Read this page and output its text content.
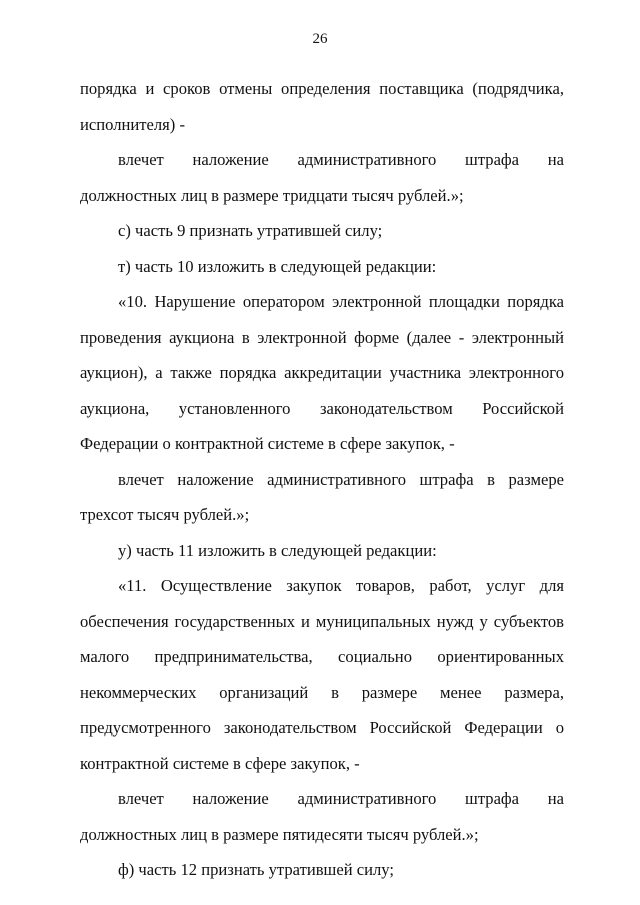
26

порядка и сроков отмены определения поставщика (подрядчика, исполнителя) -

влечет наложение административного штрафа на должностных лиц в размере тридцати тысяч рублей.»;

с) часть 9 признать утратившей силу;

т) часть 10 изложить в следующей редакции:

«10. Нарушение оператором электронной площадки порядка проведения аукциона в электронной форме (далее - электронный аукцион), а также порядка аккредитации участника электронного аукциона, установленного законодательством Российской Федерации о контрактной системе в сфере закупок, -

влечет наложение административного штрафа в размере трехсот тысяч рублей.»;

у) часть 11 изложить в следующей редакции:

«11. Осуществление закупок товаров, работ, услуг для обеспечения государственных и муниципальных нужд у субъектов малого предпринимательства, социально ориентированных некоммерческих организаций в размере менее размера, предусмотренного законодательством Российской Федерации о контрактной системе в сфере закупок, -

влечет наложение административного штрафа на должностных лиц в размере пятидесяти тысяч рублей.»;

ф) часть 12 признать утратившей силу;
